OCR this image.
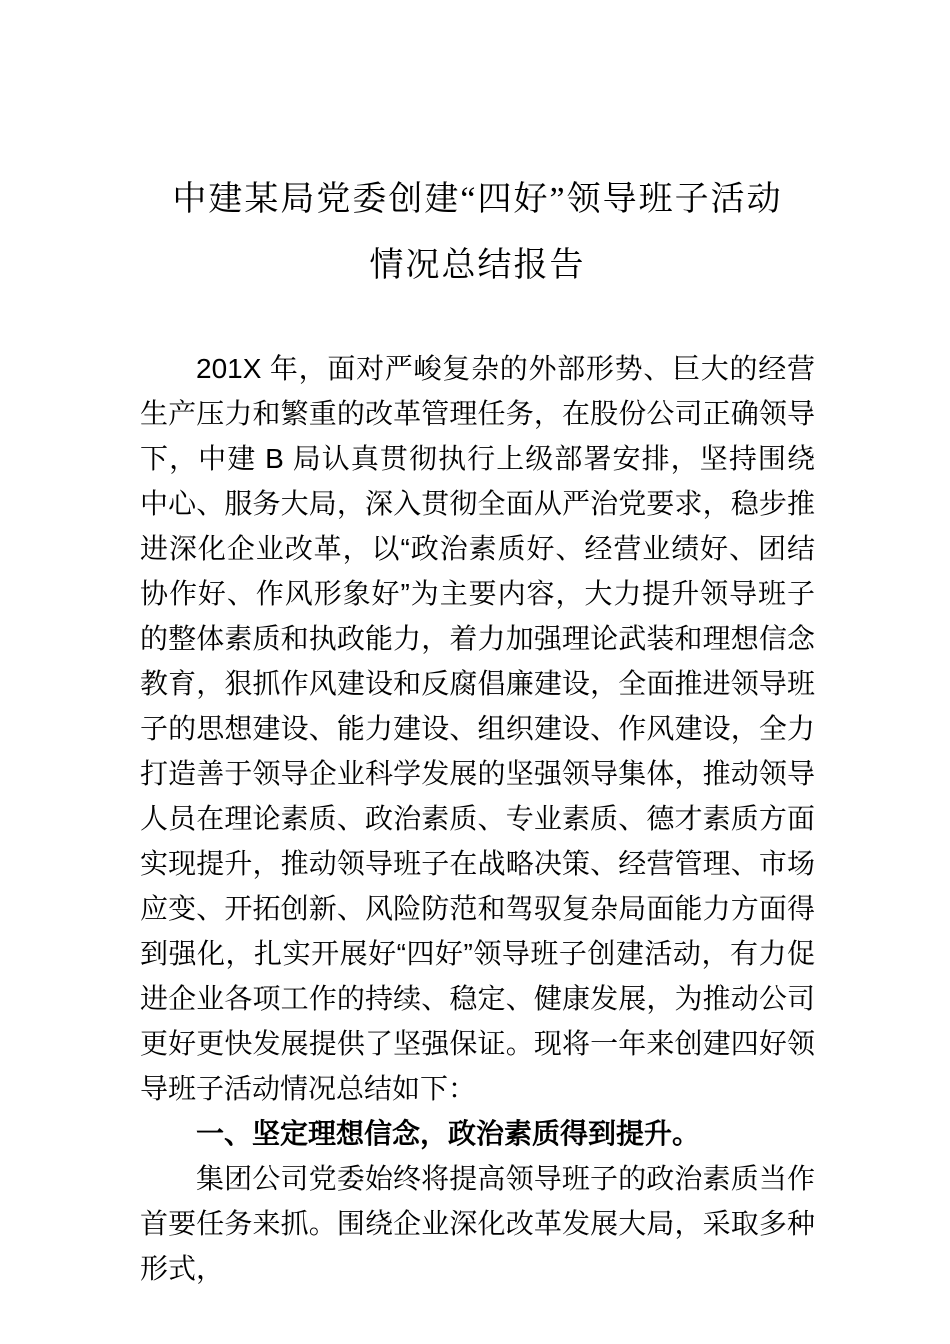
中建某局党委创建“四好”领导班子活动
情况总结报告

201X 年，面对严峻复杂的外部形势、巨大的经营生产压力和繁重的改革管理任务，在股份公司正确领导下，中建 B 局认真贯彻执行上级部署安排，坚持围绕中心、服务大局，深入贯彻全面从严治党要求，稳步推进深化企业改革，以“政治素质好、经营业绩好、团结协作好、作风形象好”为主要内容，大力提升领导班子的整体素质和执政能力，着力加强理论武装和理想信念教育，狠抓作风建设和反腐倡廉建设，全面推进领导班子的思想建设、能力建设、组织建设、作风建设，全力打造善于领导企业科学发展的坚强领导集体，推动领导人员在理论素质、政治素质、专业素质、德才素质方面实现提升，推动领导班子在战略决策、经营管理、市场应变、开拓创新、风险防范和驾驭复杂局面能力方面得到强化，扎实开展好“四好”领导班子创建活动，有力促进企业各项工作的持续、稳定、健康发展，为推动公司更好更快发展提供了坚强保证。现将一年来创建四好领导班子活动情况总结如下：

一、坚定理想信念，政治素质得到提升。

集团公司党委始终将提高领导班子的政治素质当作首要任务来抓。围绕企业深化改革发展大局，采取多种形式，
